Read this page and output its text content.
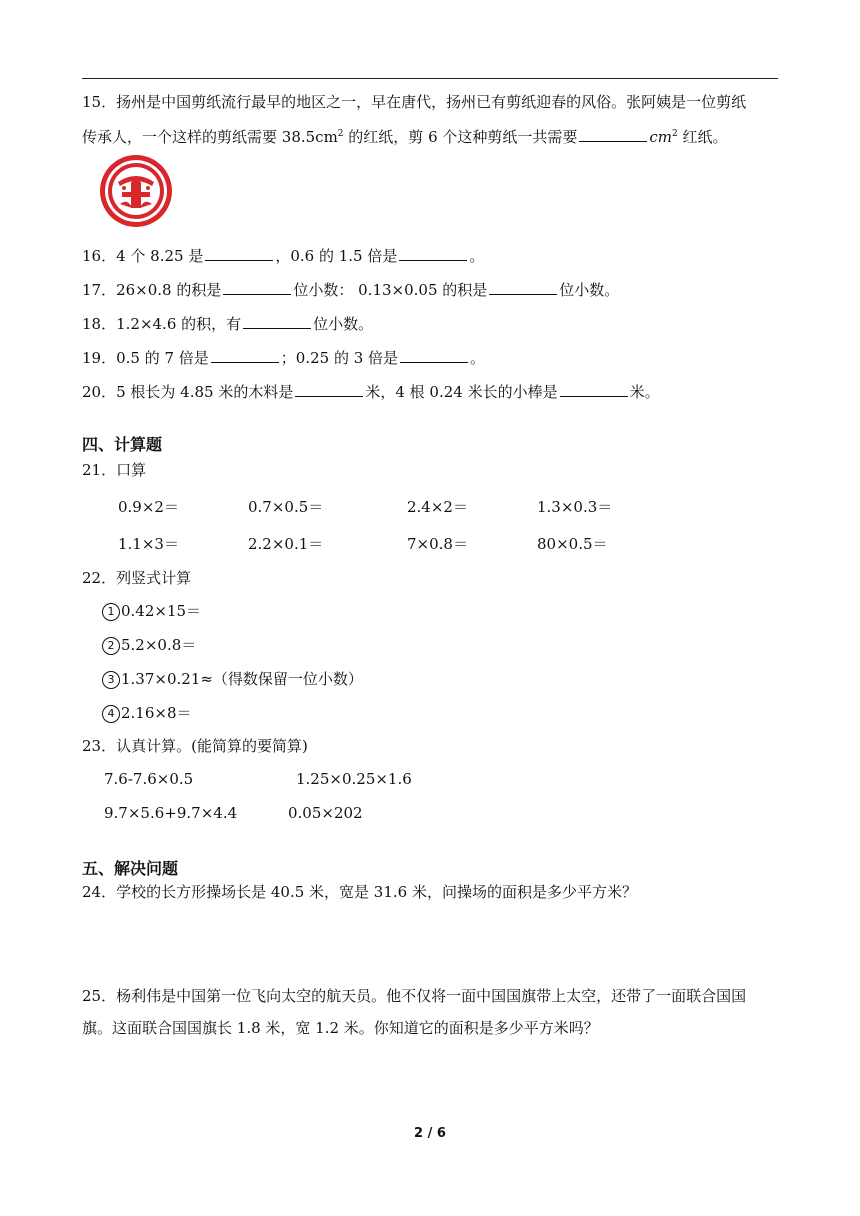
15．扬州是中国剪纸流行最早的地区之一，早在唐代，扬州已有剪纸迎春的风俗。张阿姨是一位剪纸
传承人，一个这样的剪纸需要 $38.5cm^2$ 的红纸，剪 6 个这种剪纸一共需要	$cm^2$ 红纸。
16．4 个 8.25 是	，0.6 的 1.5 倍是	。
17．26×0.8 的积是	位小数： 0.13×0.05 的积是	位小数。
18．1.2×4.6 的积，有	位小数。
19．0.5 的 7 倍是	；0.25 的 3 倍是	。
20．5 根长为 4.85 米的木料是	米，4 根 0.24 米长的小棒是	米。
四、计算题
21．口算
0.9×2＝	0.7×0.5＝	2.4×2＝	1.3×0.3＝
1.1×3＝	2.2×0.1＝	7×0.8＝	80×0.5＝
22．列竖式计算
1 0.42×15＝
2 5.2×0.8＝
3 1.37×0.21≈（得数保留一位小数）
4 2.16×8＝
23．认真计算。(能简算的要简算)
7.6-7.6×0.5	1.25×0.25×1.6
9.7×5.6+9.7×4.4	0.05×202
五、解决问题
24．学校的长方形操场长是 40.5 米，宽是 31.6 米，问操场的面积是多少平方米？
25．杨利伟是中国第一位飞向太空的航天员。他不仅将一面中国国旗带上太空，还带了一面联合国国
旗。这面联合国国旗长 1.8 米，宽 1.2 米。你知道它的面积是多少平方米吗？
2 / 6
